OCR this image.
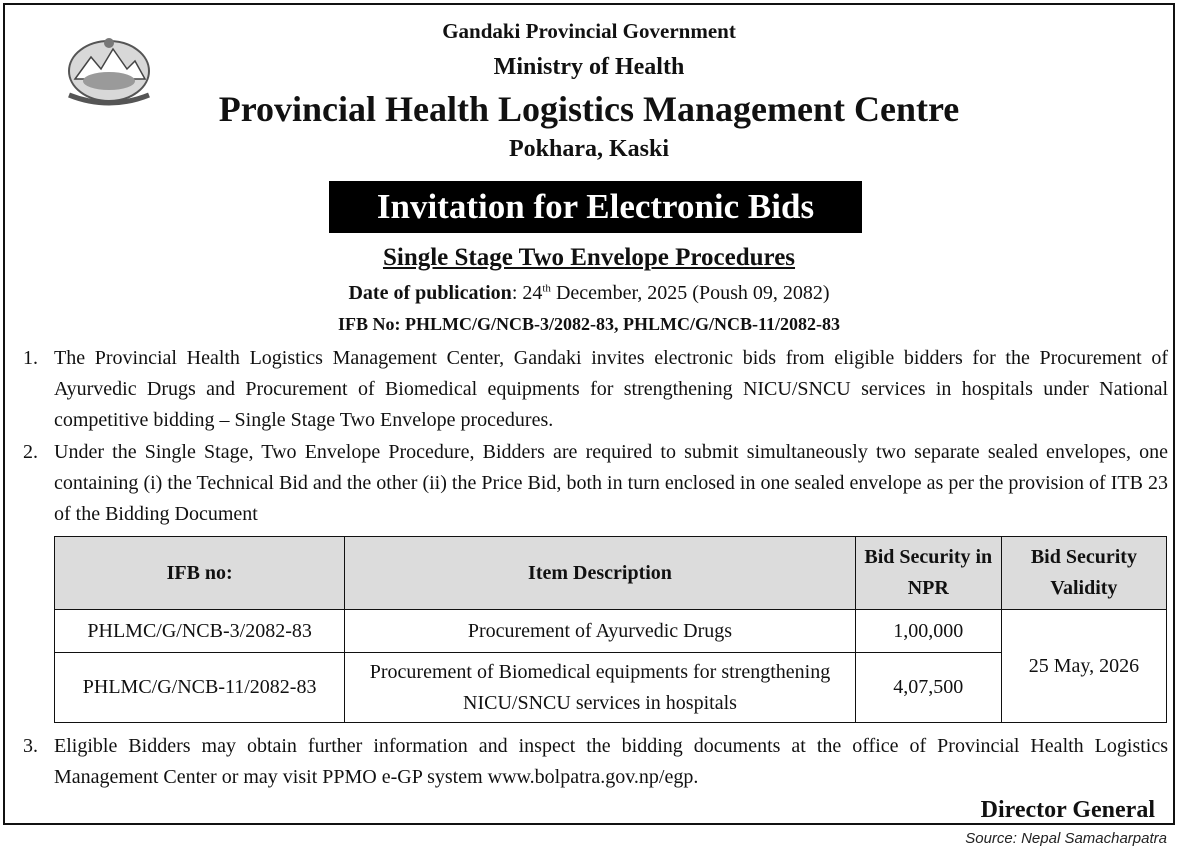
Gandaki Provincial Government
Ministry of Health
Provincial Health Logistics Management Centre
Pokhara, Kaski
Invitation for Electronic Bids
Single Stage Two Envelope Procedures
Date of publication: 24th December, 2025 (Poush 09, 2082)
IFB No: PHLMC/G/NCB-3/2082-83, PHLMC/G/NCB-11/2082-83
1. The Provincial Health Logistics Management Center, Gandaki invites electronic bids from eligible bidders for the Procurement of Ayurvedic Drugs and Procurement of Biomedical equipments for strengthening NICU/SNCU services in hospitals under National competitive bidding – Single Stage Two Envelope procedures.
2. Under the Single Stage, Two Envelope Procedure, Bidders are required to submit simultaneously two separate sealed envelopes, one containing (i) the Technical Bid and the other (ii) the Price Bid, both in turn enclosed in one sealed envelope as per the provision of ITB 23 of the Bidding Document
IFB no:	Item Description	Bid Security in NPR	Bid Security Validity
PHLMC/G/NCB-3/2082-83	Procurement of Ayurvedic Drugs	1,00,000	25 May, 2026
PHLMC/G/NCB-11/2082-83	Procurement of Biomedical equipments for strengthening NICU/SNCU services in hospitals	4,07,500	
3. Eligible Bidders may obtain further information and inspect the bidding documents at the office of Provincial Health Logistics Management Center or may visit PPMO e-GP system www.bolpatra.gov.np/egp.
Director General
Source: Nepal Samacharpatra
